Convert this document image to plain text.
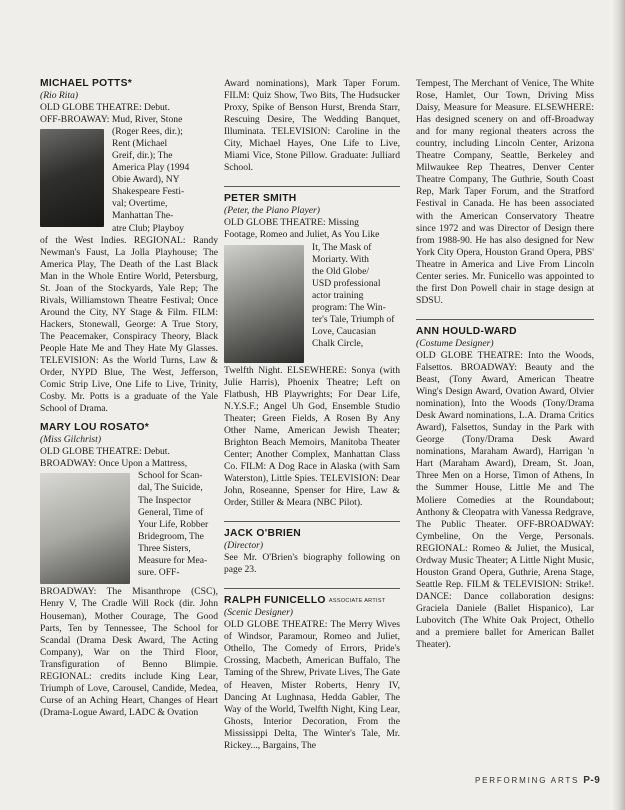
MICHAEL POTTS*

(Rio Rita)

OLD GLOBE THEATRE: Debut.

OFF-BROAWAY: Mud, River, Stone

(Roger Rees, dir.);

Rent (Michael

Greif, dir.); The

America Play (1994

Obie Award), NY

Shakespeare Festi-

val; Overtime,

Manhattan The-

atre Club; Playboy

of the West Indies. REGIONAL: Randy Newman's Faust, La Jolla Playhouse; The America Play, The Death of the Last Black Man in the Whole Entire World, Petersburg, St. Joan of the Stockyards, Yale Rep; The Rivals, Williamstown Theatre Festival; Once Around the City, NY Stage & Film. FILM: Hackers, Stonewall, George: A True Story, The Peacemaker, Conspiracy Theory, Black People Hate Me and They Hate My Glasses. TELEVISION: As the World Turns, Law & Order, NYPD Blue, The West, Jefferson, Comic Strip Live, One Life to Live, Trinity, Cosby. Mr. Potts is a graduate of the Yale School of Drama.

MARY LOU ROSATO*

(Miss Gilchrist)

OLD GLOBE THEATRE: Debut.

BROADWAY: Once Upon a Mattress,

School for Scan-

dal, The Suicide,

The Inspector

General, Time of

Your Life, Robber

Bridegroom, The

Three Sisters,

Measure for Mea-

sure. OFF-

BROADWAY: The Misanthrope (CSC), Henry V, The Cradle Will Rock (dir. John Houseman), Mother Courage, The Good Parts, Ten by Tennessee, The School for Scandal (Drama Desk Award, The Acting Company), War on the Third Floor, Transfiguration of Benno Blimpie. REGIONAL: credits include King Lear, Triumph of Love, Carousel, Candide, Medea, Curse of an Aching Heart, Changes of Heart (Drama-Logue Award, LADC & Ovation

Award nominations), Mark Taper Forum. FILM: Quiz Show, Two Bits, The Hudsucker Proxy, Spike of Benson Hurst, Brenda Starr, Rescuing Desire, The Wedding Banquet, Illuminata. TELEVISION: Caroline in the City, Michael Hayes, One Life to Live, Miami Vice, Stone Pillow. Graduate: Julliard School.

PETER SMITH

(Peter, the Piano Player)

OLD GLOBE THEATRE: Missing

Footage, Romeo and Juliet, As You Like

It, The Mask of

Moriarty. With

the Old Globe/

USD professional

actor training

program: The Win-

ter's Tale, Triumph of

Love, Caucasian

Chalk Circle,

Twelfth Night. ELSEWHERE: Sonya (with Julie Harris), Phoenix Theatre; Left on Flatbush, HB Playwrights; For Dear Life, N.Y.S.F.; Angel Uh God, Ensemble Studio Theater; Green Fields, A Rosen By Any Other Name, American Jewish Theater; Brighton Beach Memoirs, Manitoba Theater Center; Another Complex, Manhattan Class Co. FILM: A Dog Race in Alaska (with Sam Waterston), Little Spies. TELEVISION: Dear John, Roseanne, Spenser for Hire, Law & Order, Stiller & Meara (NBC Pilot).

JACK O'BRIEN

(Director)

See Mr. O'Brien's biography following on page 23.

RALPH FUNICELLO ASSOCIATE ARTIST

(Scenic Designer)

OLD GLOBE THEATRE: The Merry Wives of Windsor, Paramour, Romeo and Juliet, Othello, The Comedy of Errors, Pride's Crossing, Macbeth, American Buffalo, The Taming of the Shrew, Private Lives, The Gate of Heaven, Mister Roberts, Henry IV, Dancing At Lughnasa, Hedda Gabler, The Way of the World, Twelfth Night, King Lear, Ghosts, Interior Decoration, From the Mississippi Delta, The Winter's Tale, Mr. Rickey..., Bargains, The

Tempest, The Merchant of Venice, The White Rose, Hamlet, Our Town, Driving Miss Daisy, Measure for Measure. ELSEWHERE: Has designed scenery on and off-Broadway and for many regional theaters across the country, including Lincoln Center, Arizona Theatre Company, Seattle, Berkeley and Milwaukee Rep Theatres, Denver Center Theatre Company, The Guthrie, South Coast Rep, Mark Taper Forum, and the Stratford Festival in Canada. He has been associated with the American Conservatory Theatre since 1972 and was Director of Design there from 1988-90. He has also designed for New York City Opera, Houston Grand Opera, PBS' Theatre in America and Live From Lincoln Center series. Mr. Funicello was appointed to the first Don Powell chair in stage design at SDSU.

ANN HOULD-WARD

(Costume Designer)

OLD GLOBE THEATRE: Into the Woods, Falsettos. BROADWAY: Beauty and the Beast, (Tony Award, American Theatre Wing's Design Award, Ovation Award, Olvier nomination), Into the Woods (Tony/Drama Desk Award nominations, L.A. Drama Critics Award), Falsettos, Sunday in the Park with George (Tony/Drama Desk Award nominations, Maraham Award), Harrigan 'n Hart (Maraham Award), Dream, St. Joan, Three Men on a Horse, Timon of Athens, In the Summer House, Little Me and The Moliere Comedies at the Roundabout; Anthony & Cleopatra with Vanessa Redgrave, The Public Theater. OFF-BROADWAY: Cymbeline, On the Verge, Personals. REGIONAL: Romeo & Juliet, the Musical, Ordway Music Theater; A Little Night Music, Houston Grand Opera, Guthrie, Arena Stage, Seattle Rep. FILM & TELEVISION: Strike!. DANCE: Dance collaboration designs: Graciela Daniele (Ballet Hispanico), Lar Lubovitch (The White Oak Project, Othello and a premiere ballet for American Ballet Theater).

PERFORMING ARTS P-9
